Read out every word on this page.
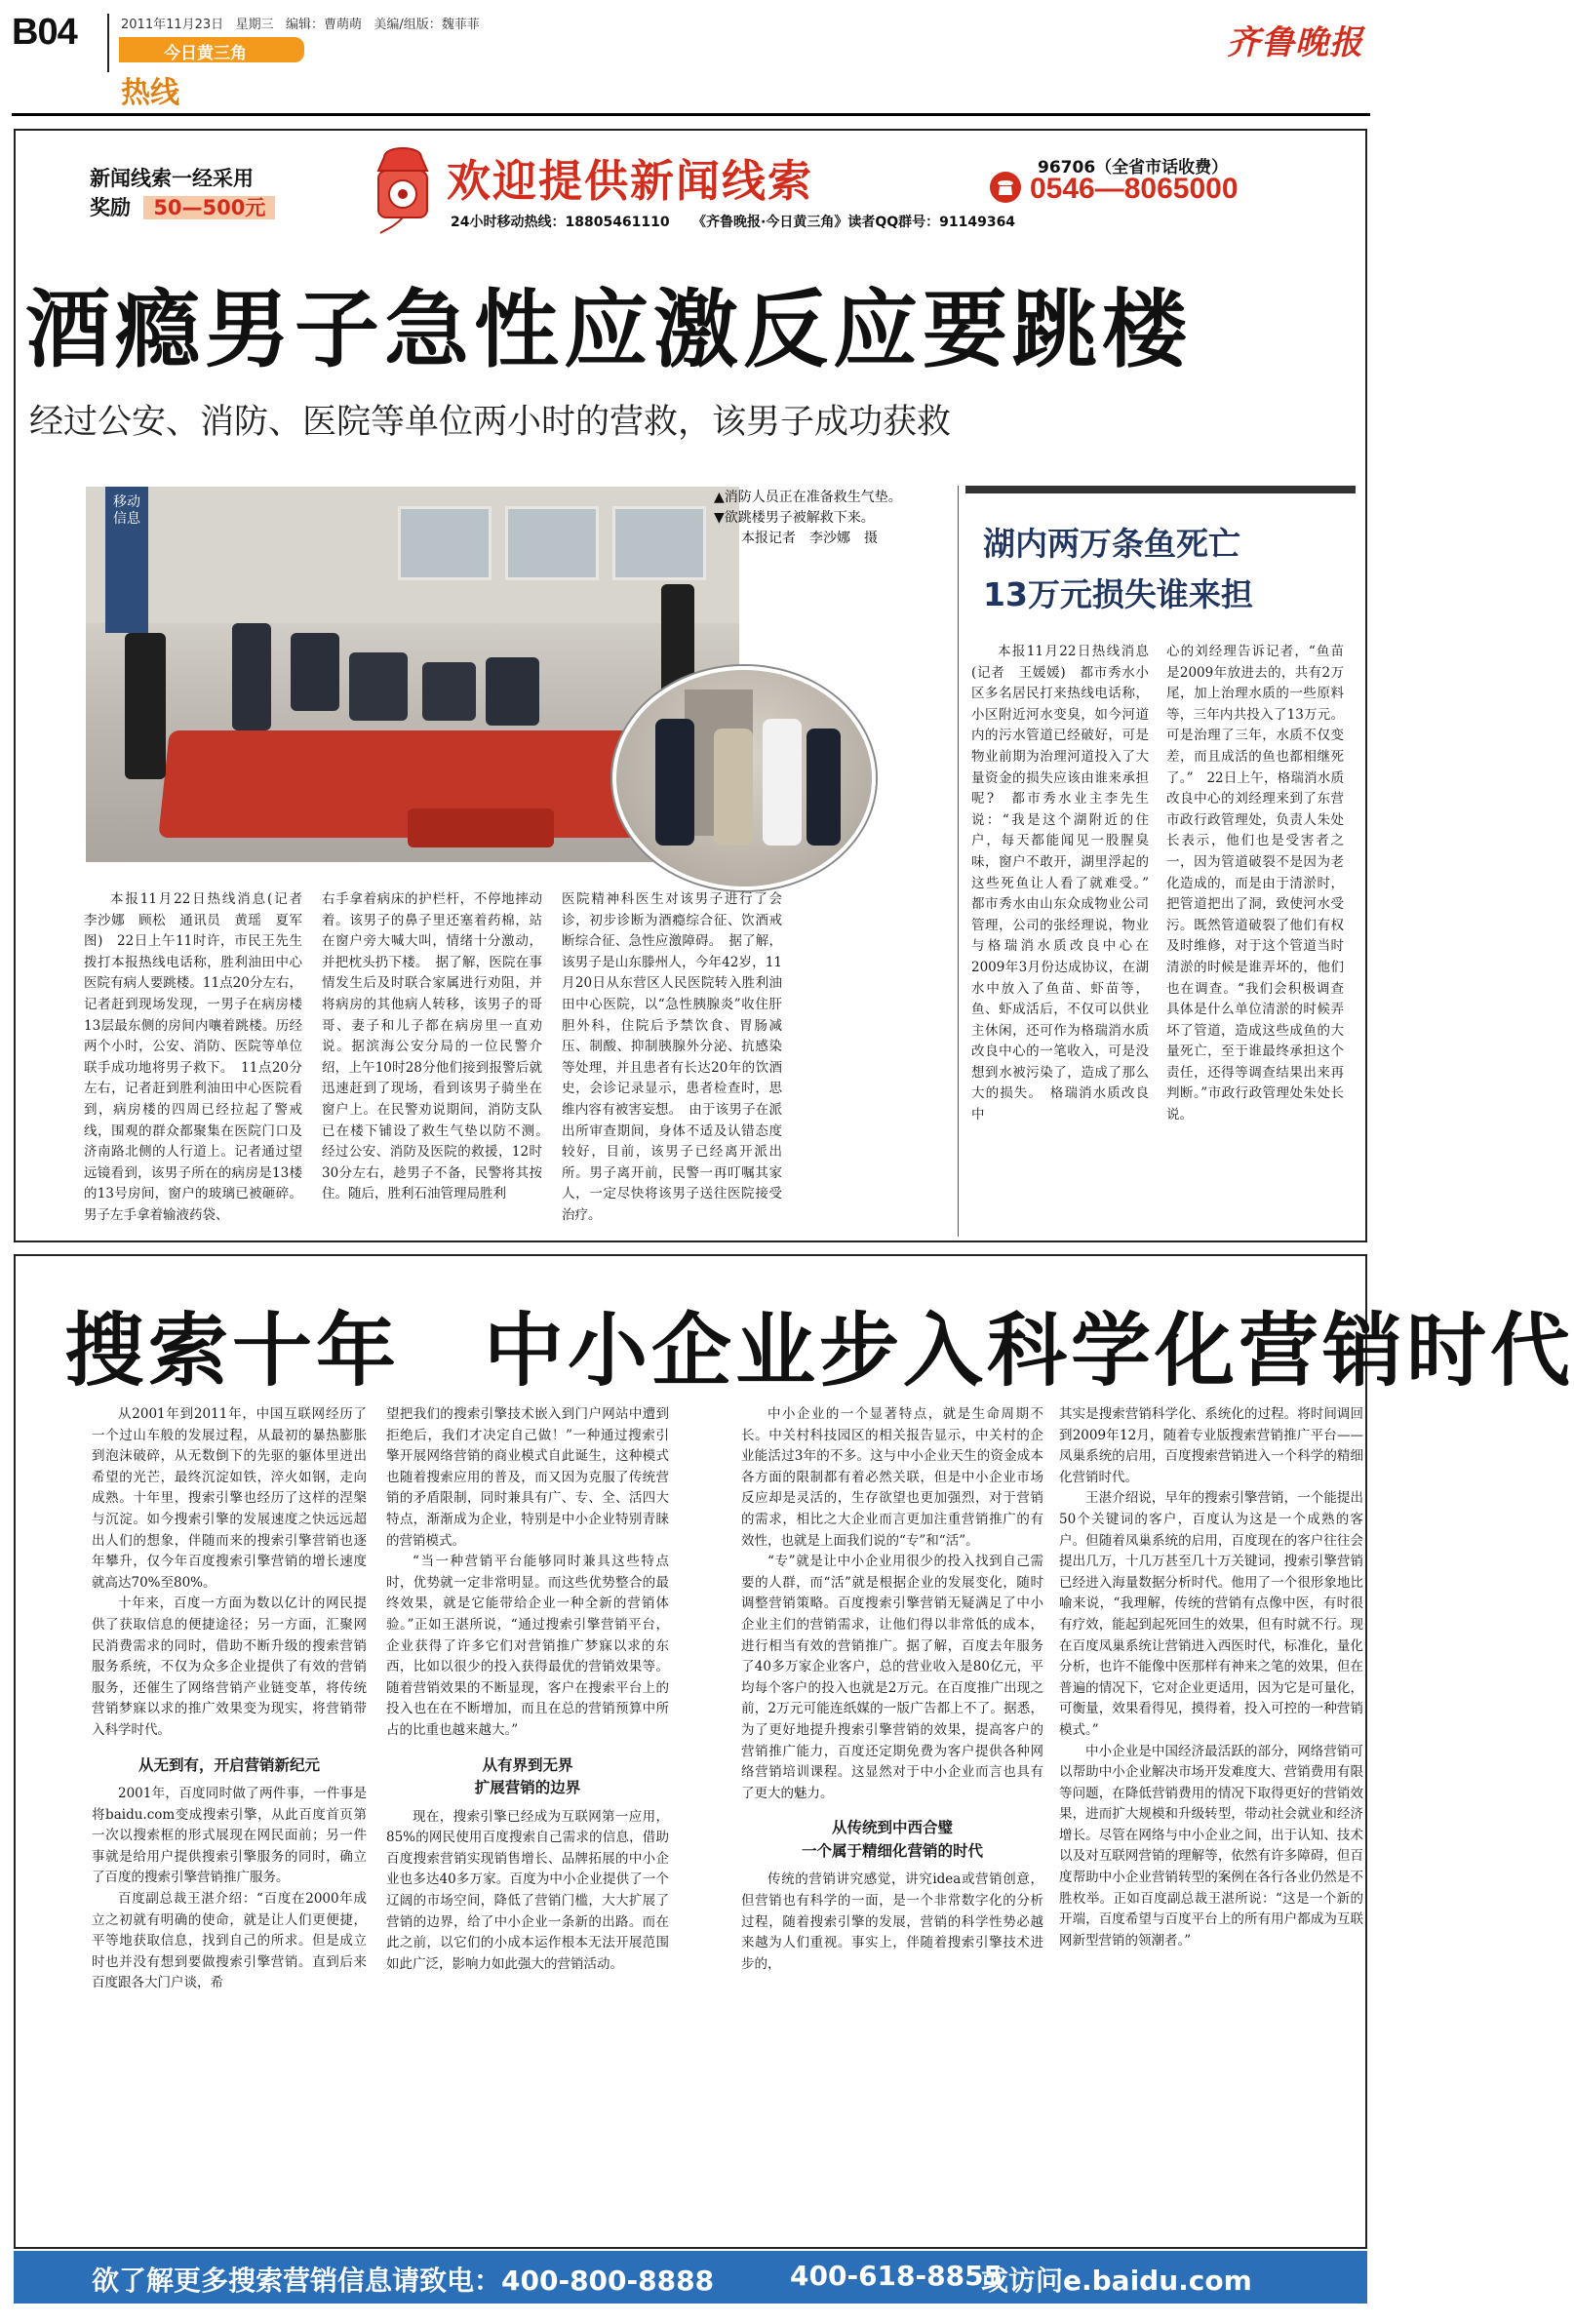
B04	2011年11月23日 星期三 编辑：曹萌萌 美编/组版：魏菲菲
今日黄三角
热线
齐鲁晚报
新闻线索一经采用
奖励 50—500元
欢迎提供新闻线索
24小时移动热线：18805461110 《齐鲁晚报·今日黄三角》读者QQ群号：91149364
96706（全省市话收费）
0546—8065000
酒瘾男子急性应激反应要跳楼
经过公安、消防、医院等单位两小时的营救，该男子成功获救
移动信息
▲消防人员正在准备救生气垫。
▼欲跳楼男子被解救下来。
本报记者　李沙娜　摄

本报11月22日热线消息(记者　李沙娜　顾松　通讯员　黄瑶　夏军图)　22日上午11时许，市民王先生拨打本报热线电话称，胜利油田中心医院有病人要跳楼。11点20分左右，记者赶到现场发现，一男子在病房楼13层最东侧的房间内嚷着跳楼。历经两个小时，公安、消防、医院等单位联手成功地将男子救下。　11点20分左右，记者赶到胜利油田中心医院看到，病房楼的四周已经拉起了警戒线，围观的群众都聚集在医院门口及济南路北侧的人行道上。记者通过望远镜看到，该男子所在的病房是13楼的13号房间，窗户的玻璃已被砸碎。男子左手拿着输液药袋、

右手拿着病床的护栏杆，不停地摔动着。该男子的鼻子里还塞着药棉，站在窗户旁大喊大叫，情绪十分激动，并把枕头扔下楼。　据了解，医院在事情发生后及时联合家属进行劝阻，并将病房的其他病人转移，该男子的哥哥、妻子和儿子都在病房里一直劝说。据滨海公安分局的一位民警介绍，上午10时28分他们接到报警后就迅速赶到了现场，看到该男子骑坐在窗户上。在民警劝说期间，消防支队已在楼下铺设了救生气垫以防不测。　经过公安、消防及医院的救援，12时30分左右，趁男子不备，民警将其按住。随后，胜利石油管理局胜利

医院精神科医生对该男子进行了会诊，初步诊断为酒瘾综合征、饮酒戒断综合征、急性应激障碍。　据了解，该男子是山东滕州人，今年42岁，11月20日从东营区人民医院转入胜利油田中心医院，以“急性胰腺炎”收住肝胆外科，住院后予禁饮食、胃肠减压、制酸、抑制胰腺外分泌、抗感染等处理，并且患者有长达20年的饮酒史，会诊记录显示，患者检查时，思维内容有被害妄想。　由于该男子在派出所审查期间，身体不适及认错态度较好，目前，该男子已经离开派出所。男子离开前，民警一再叮嘱其家人，一定尽快将该男子送往医院接受治疗。

湖内两万条鱼死亡
13万元损失谁来担

本报11月22日热线消息(记者　王媛媛)　都市秀水小区多名居民打来热线电话称，小区附近河水变臭，如今河道内的污水管道已经破好，可是物业前期为治理河道投入了大量资金的损失应该由谁来承担呢?　都市秀水业主李先生说：“我是这个湖附近的住户，每天都能闻见一股腥臭味，窗户不敢开，湖里浮起的这些死鱼让人看了就难受。”　都市秀水由山东众成物业公司管理，公司的张经理说，物业与格瑞消水质改良中心在2009年3月份达成协议，在湖水中放入了鱼苗、虾苗等，鱼、虾成活后，不仅可以供业主休闲，还可作为格瑞消水质改良中心的一笔收入，可是没想到水被污染了，造成了那么大的损失。　格瑞消水质改良中

心的刘经理告诉记者，“鱼苗是2009年放进去的，共有2万尾，加上治理水质的一些原料等，三年内共投入了13万元。可是治理了三年，水质不仅变差，而且成活的鱼也都相继死了。”　22日上午，格瑞消水质改良中心的刘经理来到了东营市政行政管理处，负责人朱处长表示，他们也是受害者之一，因为管道破裂不是因为老化造成的，而是由于清淤时，把管道把出了洞，致使河水受污。既然管道破裂了他们有权及时维修，对于这个管道当时清淤的时候是谁弄坏的，他们也在调查。“我们会积极调查具体是什么单位清淤的时候弄坏了管道，造成这些成鱼的大量死亡，至于谁最终承担这个责任，还得等调查结果出来再判断。”市政行政管理处朱处长说。

搜索十年　中小企业步入科学化营销时代

从2001年到2011年，中国互联网经历了一个过山车般的发展过程，从最初的暴热膨胀到泡沫破碎，从无数倒下的先驱的躯体里迸出希望的光芒，最终沉淀如铁，淬火如钢，走向成熟。十年里，搜索引擎也经历了这样的涅槃与沉淀。如今搜索引擎的发展速度之快远远超出人们的想象，伴随而来的搜索引擎营销也逐年攀升，仅今年百度搜索引擎营销的增长速度就高达70%至80%。

十年来，百度一方面为数以亿计的网民提供了获取信息的便捷途径；另一方面，汇聚网民消费需求的同时，借助不断升级的搜索营销服务系统，不仅为众多企业提供了有效的营销服务，还催生了网络营销产业链变革，将传统营销梦寐以求的推广效果变为现实，将营销带入科学时代。

从无到有，开启营销新纪元

2001年，百度同时做了两件事，一件事是将baidu.com变成搜索引擎，从此百度首页第一次以搜索框的形式展现在网民面前；另一件事就是给用户提供搜索引擎服务的同时，确立了百度的搜索引擎营销推广服务。

百度副总裁王湛介绍：“百度在2000年成立之初就有明确的使命，就是让人们更便捷，平等地获取信息，找到自己的所求。但是成立时也并没有想到要做搜索引擎营销。直到后来百度跟各大门户谈，希

望把我们的搜索引擎技术嵌入到门户网站中遭到拒绝后，我们才决定自己做！”一种通过搜索引擎开展网络营销的商业模式自此诞生，这种模式也随着搜索应用的普及，而又因为克服了传统营销的矛盾限制，同时兼具有广、专、全、活四大特点，渐渐成为企业，特别是中小企业特别青睐的营销模式。

“当一种营销平台能够同时兼具这些特点时，优势就一定非常明显。而这些优势整合的最终效果，就是它能带给企业一种全新的营销体验。”正如王湛所说，“通过搜索引擎营销平台，企业获得了许多它们对营销推广梦寐以求的东西，比如以很少的投入获得最优的营销效果等。随着营销效果的不断显现，客户在搜索平台上的投入也在在不断增加，而且在总的营销预算中所占的比重也越来越大。”

从有界到无界
扩展营销的边界

现在，搜索引擎已经成为互联网第一应用，85%的网民使用百度搜索自己需求的信息，借助百度搜索营销实现销售增长、品牌拓展的中小企业也多达40多万家。百度为中小企业提供了一个辽阔的市场空间，降低了营销门槛，大大扩展了营销的边界，给了中小企业一条新的出路。而在此之前，以它们的小成本运作根本无法开展范围如此广泛，影响力如此强大的营销活动。

中小企业的一个显著特点，就是生命周期不长。中关村科技园区的相关报告显示，中关村的企业能活过3年的不多。这与中小企业天生的资金成本各方面的限制都有着必然关联，但是中小企业市场反应却是灵活的，生存欲望也更加强烈，对于营销的需求，相比之大企业而言更加注重营销推广的有效性，也就是上面我们说的“专”和“活”。

“专”就是让中小企业用很少的投入找到自己需要的人群，而“活”就是根据企业的发展变化，随时调整营销策略。百度搜索引擎营销无疑满足了中小企业主们的营销需求，让他们得以非常低的成本，进行相当有效的营销推广。据了解，百度去年服务了40多万家企业客户，总的营业收入是80亿元，平均每个客户的投入也就是2万元。在百度推广出现之前，2万元可能连纸媒的一版广告都上不了。据悉，为了更好地提升搜索引擎营销的效果，提高客户的营销推广能力，百度还定期免费为客户提供各种网络营销培训课程。这显然对于中小企业而言也具有了更大的魅力。

从传统到中西合璧
一个属于精细化营销的时代

传统的营销讲究感觉，讲究idea或营销创意，但营销也有科学的一面，是一个非常数字化的分析过程，随着搜索引擎的发展，营销的科学性势必越来越为人们重视。事实上，伴随着搜索引擎技术进步的，

其实是搜索营销科学化、系统化的过程。将时间调回到2009年12月，随着专业版搜索营销推广平台——凤巢系统的启用，百度搜索营销进入一个科学的精细化营销时代。

王湛介绍说，早年的搜索引擎营销，一个能提出50个关键词的客户，百度认为这是一个成熟的客户。但随着凤巢系统的启用，百度现在的客户往往会提出几万，十几万甚至几十万关键词，搜索引擎营销已经进入海量数据分析时代。他用了一个很形象地比喻来说，“我理解，传统的营销有点像中医，有时很有疗效，能起到起死回生的效果，但有时就不行。现在百度凤巢系统让营销进入西医时代，标准化，量化分析，也许不能像中医那样有神来之笔的效果，但在普遍的情况下，它对企业更适用，因为它是可量化，可衡量，效果看得见，摸得着，投入可控的一种营销模式。”

中小企业是中国经济最活跃的部分，网络营销可以帮助中小企业解决市场开发难度大、营销费用有限等问题，在降低营销费用的情况下取得更好的营销效果，进而扩大规模和升级转型，带动社会就业和经济增长。尽管在网络与中小企业之间，出于认知、技术以及对互联网营销的理解等，依然有许多障碍，但百度帮助中小企业营销转型的案例在各行各业仍然是不胜枚举。正如百度副总裁王湛所说：“这是一个新的开端，百度希望与百度平台上的所有用户都成为互联网新型营销的领潮者。”

欲了解更多搜索营销信息请致电：400-800-8888	400-618-8855
或访问e.baidu.com
